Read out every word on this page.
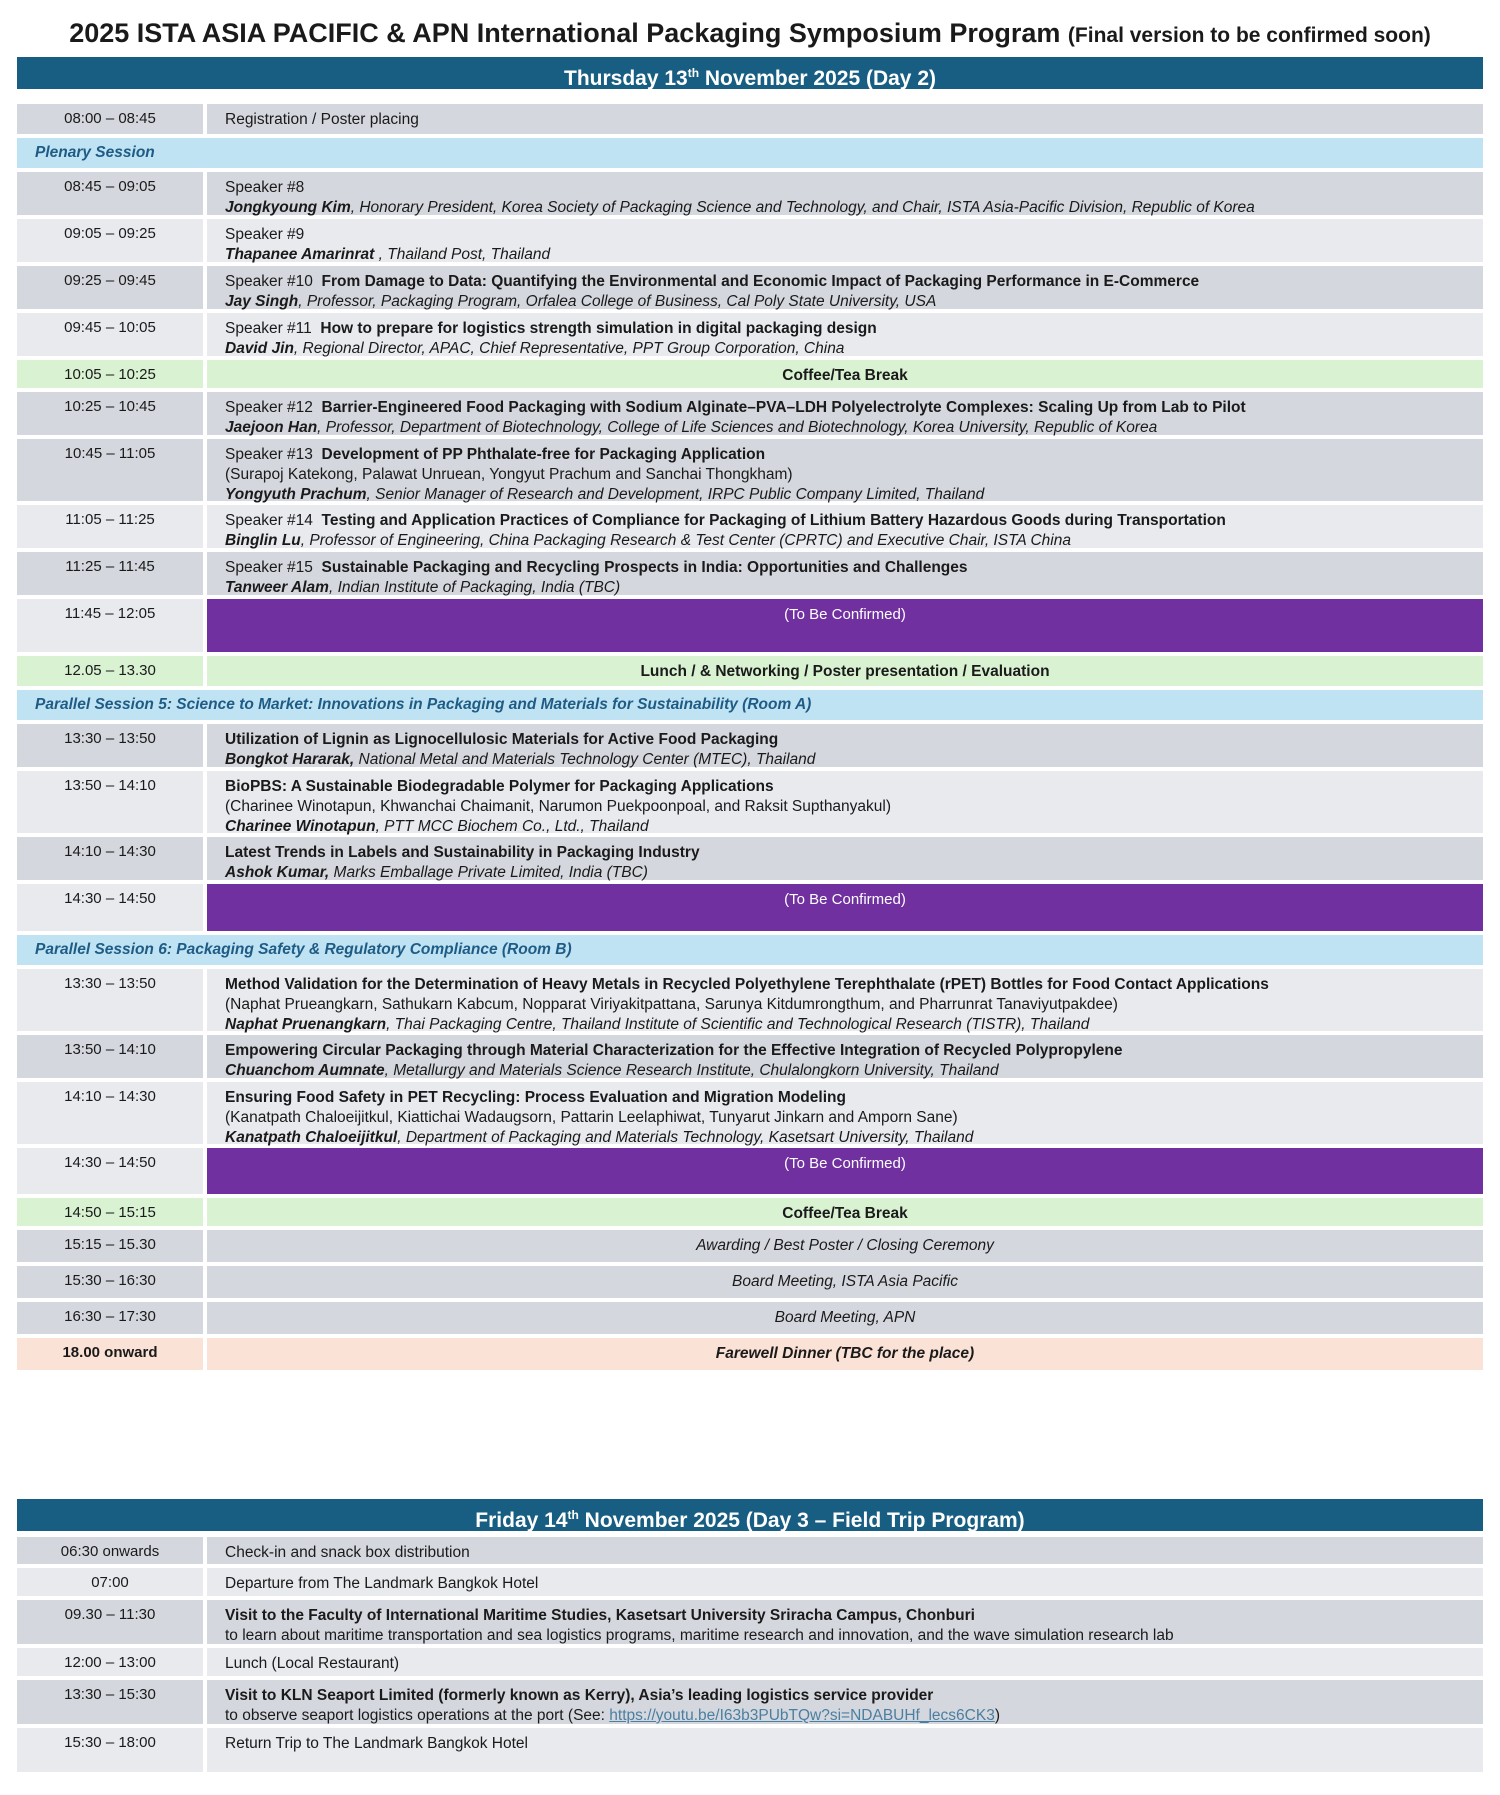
2025 ISTA ASIA PACIFIC & APN International Packaging Symposium Program (Final version to be confirmed soon)
Thursday 13th November 2025 (Day 2)
08:00 – 08:45	Registration / Poster placing
Plenary Session
08:45 – 09:05	Speaker #8
Jongkyoung Kim, Honorary President, Korea Society of Packaging Science and Technology, and Chair, ISTA Asia-Pacific Division, Republic of Korea
09:05 – 09:25	Speaker #9
Thapanee Amarinrat , Thailand Post, Thailand
09:25 – 09:45	Speaker #10 From Damage to Data: Quantifying the Environmental and Economic Impact of Packaging Performance in E-Commerce
Jay Singh, Professor, Packaging Program, Orfalea College of Business, Cal Poly State University, USA
09:45 – 10:05	Speaker #11 How to prepare for logistics strength simulation in digital packaging design
David Jin, Regional Director, APAC, Chief Representative, PPT Group Corporation, China
10:05 – 10:25	Coffee/Tea Break
10:25 – 10:45	Speaker #12 Barrier-Engineered Food Packaging with Sodium Alginate–PVA–LDH Polyelectrolyte Complexes: Scaling Up from Lab to Pilot
Jaejoon Han, Professor, Department of Biotechnology, College of Life Sciences and Biotechnology, Korea University, Republic of Korea
10:45 – 11:05	Speaker #13 Development of PP Phthalate-free for Packaging Application
(Surapoj Katekong, Palawat Unruean, Yongyut Prachum and Sanchai Thongkham)
Yongyuth Prachum, Senior Manager of Research and Development, IRPC Public Company Limited, Thailand
11:05 – 11:25	Speaker #14 Testing and Application Practices of Compliance for Packaging of Lithium Battery Hazardous Goods during Transportation
Binglin Lu, Professor of Engineering, China Packaging Research & Test Center (CPRTC) and Executive Chair, ISTA China
11:25 – 11:45	Speaker #15 Sustainable Packaging and Recycling Prospects in India: Opportunities and Challenges
Tanweer Alam, Indian Institute of Packaging, India (TBC)
11:45 – 12:05	(To Be Confirmed)
12.05 – 13.30	Lunch / & Networking / Poster presentation / Evaluation
Parallel Session 5: Science to Market: Innovations in Packaging and Materials for Sustainability (Room A)
13:30 – 13:50	Utilization of Lignin as Lignocellulosic Materials for Active Food Packaging
Bongkot Hararak, National Metal and Materials Technology Center (MTEC), Thailand
13:50 – 14:10	BioPBS: A Sustainable Biodegradable Polymer for Packaging Applications
(Charinee Winotapun, Khwanchai Chaimanit, Narumon Puekpoonpoal, and Raksit Supthanyakul)
Charinee Winotapun, PTT MCC Biochem Co., Ltd., Thailand
14:10 – 14:30	Latest Trends in Labels and Sustainability in Packaging Industry
Ashok Kumar, Marks Emballage Private Limited, India (TBC)
14:30 – 14:50	(To Be Confirmed)
Parallel Session 6: Packaging Safety & Regulatory Compliance (Room B)
13:30 – 13:50	Method Validation for the Determination of Heavy Metals in Recycled Polyethylene Terephthalate (rPET) Bottles for Food Contact Applications
(Naphat Prueangkarn, Sathukarn Kabcum, Nopparat Viriyakitpattana, Sarunya Kitdumrongthum, and Pharrunrat Tanaviyutpakdee)
Naphat Pruenangkarn, Thai Packaging Centre, Thailand Institute of Scientific and Technological Research (TISTR), Thailand
13:50 – 14:10	Empowering Circular Packaging through Material Characterization for the Effective Integration of Recycled Polypropylene
Chuanchom Aumnate, Metallurgy and Materials Science Research Institute, Chulalongkorn University, Thailand
14:10 – 14:30	Ensuring Food Safety in PET Recycling: Process Evaluation and Migration Modeling
(Kanatpath Chaloeijitkul, Kiattichai Wadaugsorn, Pattarin Leelaphiwat, Tunyarut Jinkarn and Amporn Sane)
Kanatpath Chaloeijitkul, Department of Packaging and Materials Technology, Kasetsart University, Thailand
14:30 – 14:50	(To Be Confirmed)
14:50 – 15:15	Coffee/Tea Break
15:15 – 15.30	Awarding / Best Poster / Closing Ceremony
15:30 – 16:30	Board Meeting, ISTA Asia Pacific
16:30 – 17:30	Board Meeting, APN
18.00 onward	Farewell Dinner (TBC for the place)
Friday 14th November 2025 (Day 3 – Field Trip Program)
06:30 onwards	Check-in and snack box distribution
07:00	Departure from The Landmark Bangkok Hotel
09.30 – 11:30	Visit to the Faculty of International Maritime Studies, Kasetsart University Sriracha Campus, Chonburi
to learn about maritime transportation and sea logistics programs, maritime research and innovation, and the wave simulation research lab
12:00 – 13:00	Lunch (Local Restaurant)
13:30 – 15:30	Visit to KLN Seaport Limited (formerly known as Kerry), Asia’s leading logistics service provider
to observe seaport logistics operations at the port (See: https://youtu.be/I63b3PUbTQw?si=NDABUHf_lecs6CK3)
15:30 – 18:00	Return Trip to The Landmark Bangkok Hotel
